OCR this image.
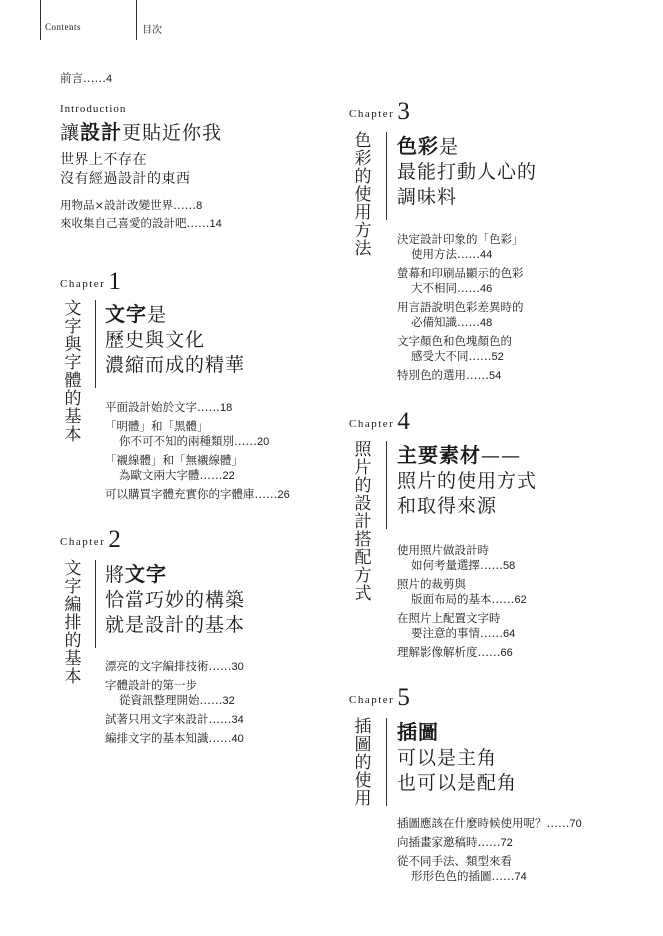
Contents	目次
前言……4
Introduction
讓設計更貼近你我
世界上不存在
沒有經過設計的東西
用物品×設計改變世界……8
來收集自己喜愛的設計吧……14
Chapter 1
文
字
與
字
體
的
基
本
文字是
歷史與文化
濃縮而成的精華
平面設計始於文字……18
「明體」和「黑體」
你不可不知的兩種類別……20
「襯線體」和「無襯線體」
為歐文兩大字體……22
可以購買字體充實你的字體庫……26
Chapter 2
文
字
編
排
的
基
本
將文字
恰當巧妙的構築
就是設計的基本
漂亮的文字編排技術……30
字體設計的第一步
從資訊整理開始……32
試著只用文字來設計……34
編排文字的基本知識……40
Chapter 3
色
彩
的
使
用
方
法
色彩是
最能打動人心的
調味料
決定設計印象的「色彩」
使用方法……44
螢幕和印刷品顯示的色彩
大不相同……46
用言語說明色彩差異時的
必備知識……48
文字顏色和色塊顏色的
感受大不同……52
特別色的選用……54
Chapter 4
照
片
的
設
計
搭
配
方
式
主要素材——
照片的使用方式
和取得來源
使用照片做設計時
如何考量選擇……58
照片的裁剪與
版面布局的基本……62
在照片上配置文字時
要注意的事情……64
理解影像解析度……66
Chapter 5
插
圖
的
使
用
插圖
可以是主角
也可以是配角
插圖應該在什麼時候使用呢？……70
向插畫家邀稿時……72
從不同手法、類型來看
形形色色的插圖……74
